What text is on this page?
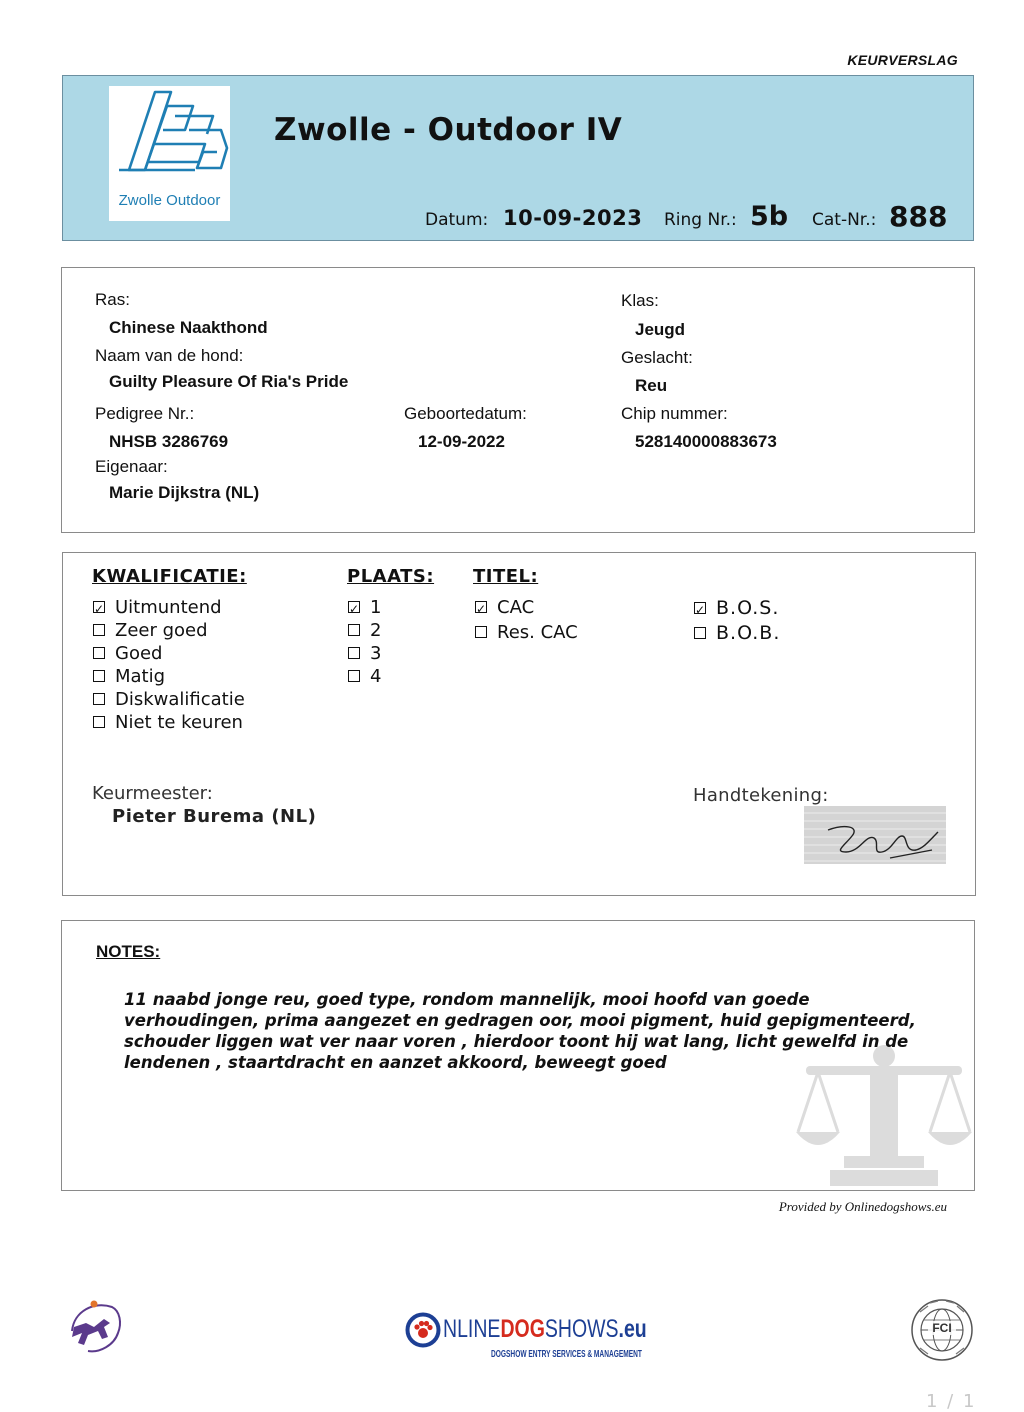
KEURVERSLAG
Zwolle Outdoor
Zwolle - Outdoor IV
Datum: 10-09-2023 Ring Nr.: 5b Cat-Nr.: 888
Ras:
Chinese Naakthond
Naam van de hond:
Guilty Pleasure Of Ria's Pride
Pedigree Nr.:
NHSB 3286769
Geboortedatum:
12-09-2022
Eigenaar:
Marie Dijkstra (NL)
Klas:
Jeugd
Geslacht:
Reu
Chip nummer:
528140000883673
KWALIFICATIE:
✓Uitmuntend
Zeer goed
Goed
Matig
Diskwalificatie
Niet te keuren
PLAATS:
✓1
2
3
4
TITEL:
✓CAC
Res. CAC
✓B.O.S.
B.O.B.
Keurmeester:
Pieter Burema (NL)
Handtekening:
NOTES:
11 naabd jonge reu, goed type, rondom mannelijk, mooi hoofd van goede
verhoudingen, prima aangezet en gedragen oor, mooi pigment, huid gepigmenteerd,
schouder liggen wat ver naar voren , hierdoor toont hij wat lang, licht gewelfd in de
lendenen , staartdracht en aanzet akkoord, beweegt goed
Provided by Onlinedogshows.eu
NLINEDOGSHOWS.eu
DOGSHOW ENTRY SERVICES & MANAGEMENT
FCI
1 / 1
